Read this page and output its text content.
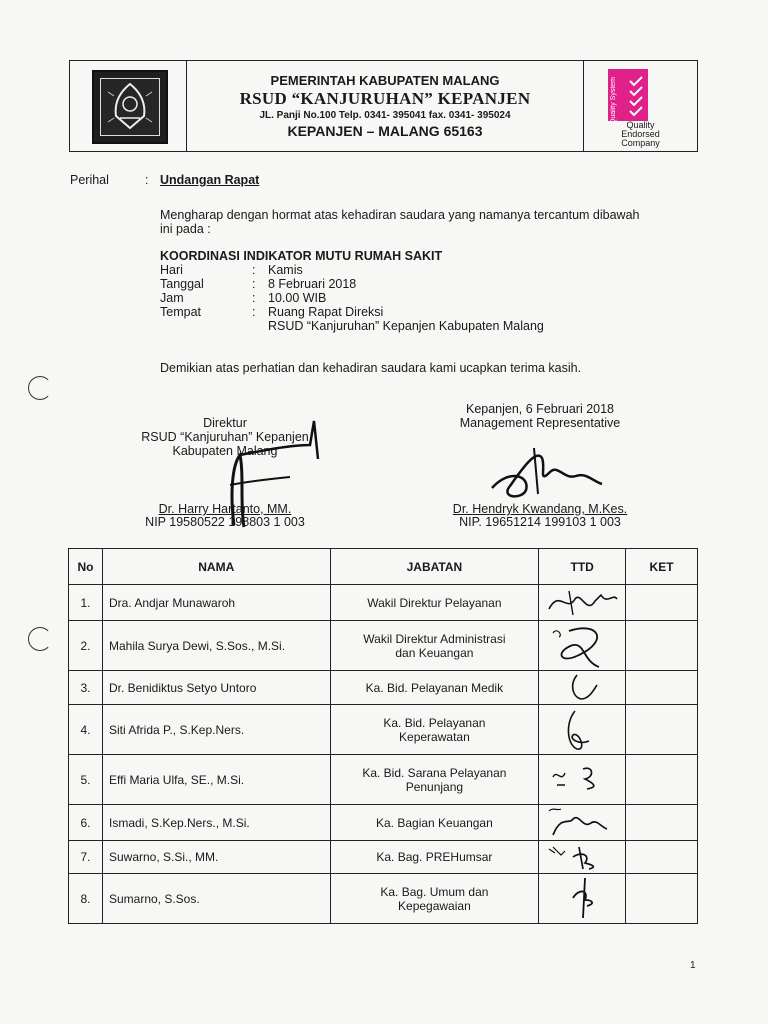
PEMERINTAH KABUPATEN MALANG
RSUD “KANJURUHAN” KEPANJEN
JL. Panji No.100 Telp. 0341- 395041 fax. 0341- 395024
KEPANJEN – MALANG 65163
Quality System
Quality
Endorsed
Company
Perihal	: Undangan Rapat
Mengharap dengan hormat atas kehadiran saudara yang namanya tercantum dibawah
ini pada :
KOORDINASI INDIKATOR MUTU RUMAH SAKIT
Hari	: Kamis
Tanggal	: 8 Februari 2018
Jam	: 10.00 WIB
Tempat	: Ruang Rapat Direksi
RSUD “Kanjuruhan” Kepanjen Kabupaten Malang
Demikian atas perhatian dan kehadiran saudara kami ucapkan terima kasih.
Kepanjen, 6 Februari 2018
Management Representative
Dr. Hendryk Kwandang, M.Kes.
NIP. 19651214 199103 1 003
Direktur
RSUD “Kanjuruhan” Kepanjen
Kabupaten Malang
Dr. Harry Hartanto, MM.
NIP 19580522 198803 1 003
No	NAMA	JABATAN	TTD	KET
1.	Dra. Andjar Munawaroh	Wakil Direktur Pelayanan	

2.	Mahila Surya Dewi, S.Sos., M.Si.	Wakil Direktur Administrasi
dan Keuangan

3.	Dr. Benidiktus Setyo Untoro	Ka. Bid. Pelayanan Medik	

4.	Siti Afrida P., S.Kep.Ners.	Ka. Bid. Pelayanan
Keperawatan

5.	Effi Maria Ulfa, SE., M.Si.	Ka. Bid. Sarana Pelayanan
Penunjang

6.	Ismadi, S.Kep.Ners., M.Si.	Ka. Bagian Keuangan	

7.	Suwarno, S.Si., MM.	Ka. Bag. PREHumsar	

8.	Sumarno, S.Sos.	Ka. Bag. Umum dan
Kepegawaian

1
